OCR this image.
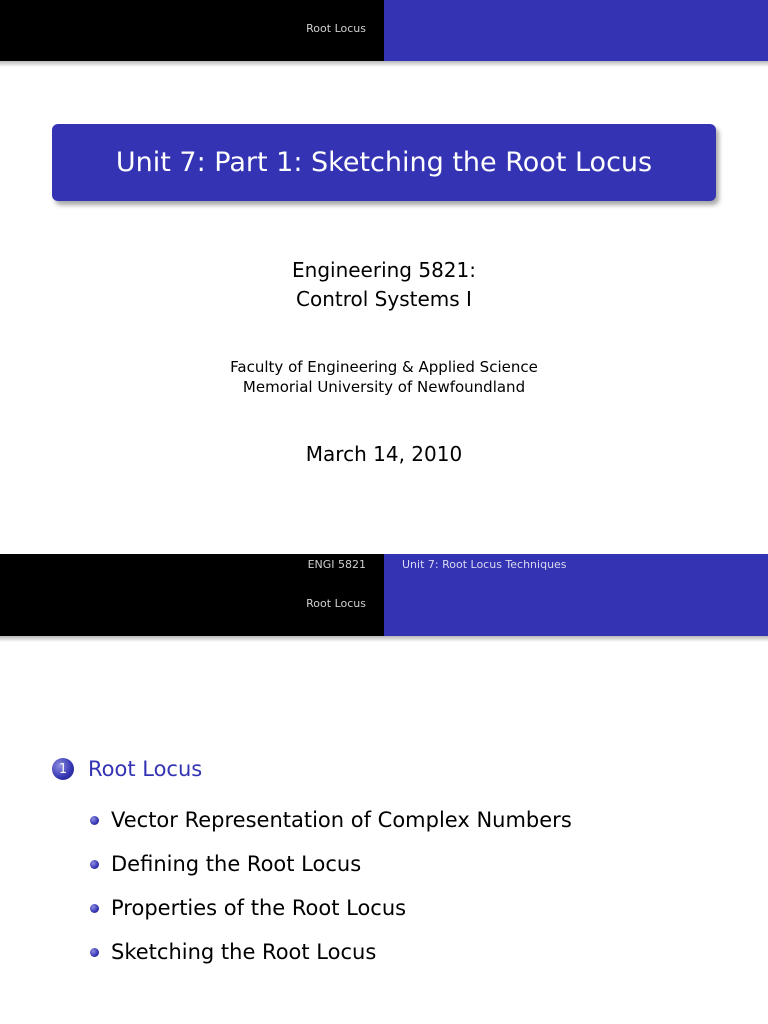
Root Locus
Unit 7: Part 1: Sketching the Root Locus
Engineering 5821:
Control Systems I
Faculty of Engineering & Applied Science
Memorial University of Newfoundland
March 14, 2010
ENGI 5821
Root Locus
Unit 7: Root Locus Techniques
1 Root Locus
Vector Representation of Complex Numbers
Defining the Root Locus
Properties of the Root Locus
Sketching the Root Locus
